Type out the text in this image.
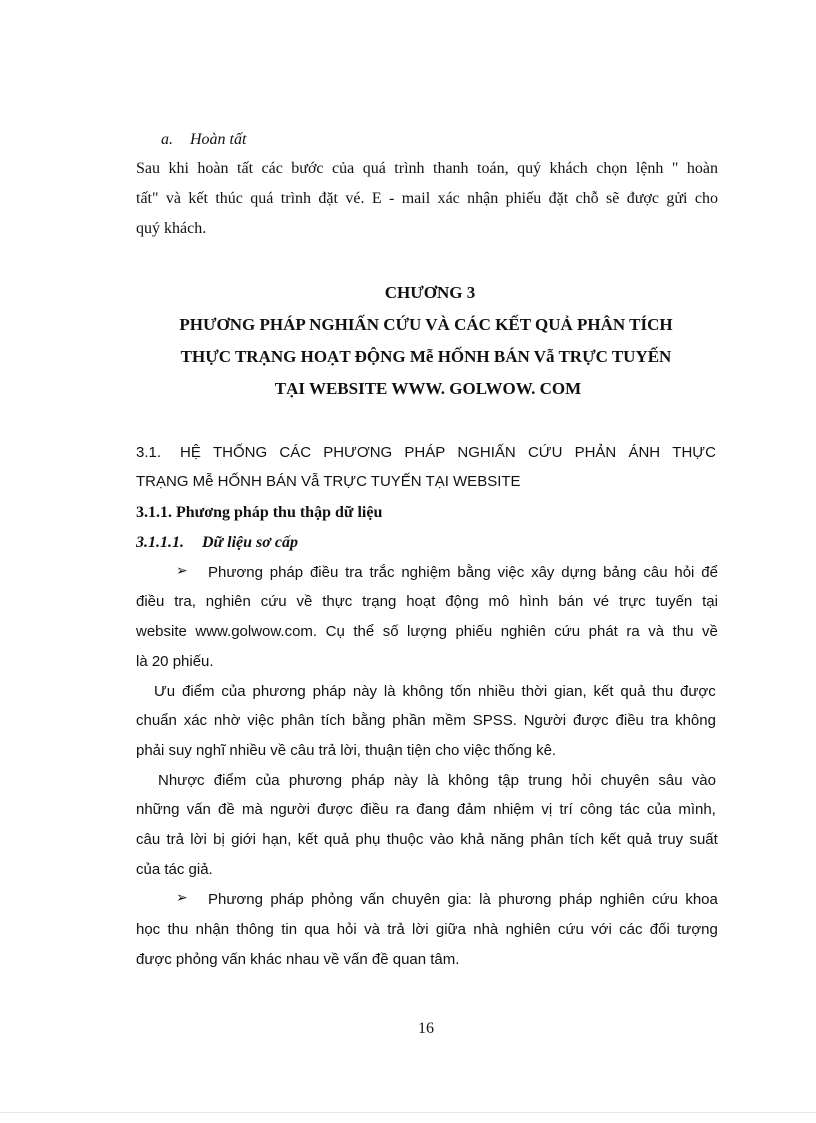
a. Hoàn tất
Sau khi hoàn tất các bước của quá trình thanh toán, quý khách chọn lệnh " hoàn
tất" và kết thúc quá trình đặt vé. E - mail xác nhận phiếu đặt chỗ sẽ được gửi cho
quý khách.
CHƯƠNG 3
PHƯƠNG PHÁP NGHIẤN CỨU VÀ CÁC KẾT QUẢ PHÂN TÍCH
THỰC TRẠNG HOẠT ĐỘNG Mễ HỐNH BÁN Vẫ TRỰC TUYẾN
TẠI WEBSITE WWW. GOLWOW. COM
3.1. HỆ THỐNG CÁC PHƯƠNG PHÁP NGHIẤN CỨU PHẢN ÁNH THỰC
TRẠNG Mễ HỐNH BÁN Vẫ TRỰC TUYẾN TẠI WEBSITE
3.1.1. Phương pháp thu thập dữ liệu
3.1.1.1. Dữ liệu sơ cấp
➢ Phương pháp điều tra trắc nghiệm bằng việc xây dựng bảng câu hỏi để
điều tra, nghiên cứu về thực trạng hoạt động mô hình bán vé trực tuyến tại
website www.golwow.com. Cụ thể số lượng phiếu nghiên cứu phát ra và thu về
là 20 phiếu.
Ưu điểm của phương pháp này là không tốn nhiều thời gian, kết quả thu được
chuẩn xác nhờ việc phân tích bằng phần mềm SPSS. Người được điều tra không
phải suy nghĩ nhiều về câu trả lời, thuận tiện cho việc thống kê.
Nhược điểm của phương pháp này là không tập trung hỏi chuyên sâu vào
những vấn đề mà người được điều ra đang đảm nhiệm vị trí công tác của mình,
câu trả lời bị giới hạn, kết quả phụ thuộc vào khả năng phân tích kết quả truy suất
của tác giả.
➢ Phương pháp phỏng vấn chuyên gia: là phương pháp nghiên cứu khoa
học thu nhận thông tin qua hỏi và trả lời giữa nhà nghiên cứu với các đối tượng
được phỏng vấn khác nhau về vấn đề quan tâm.
16
